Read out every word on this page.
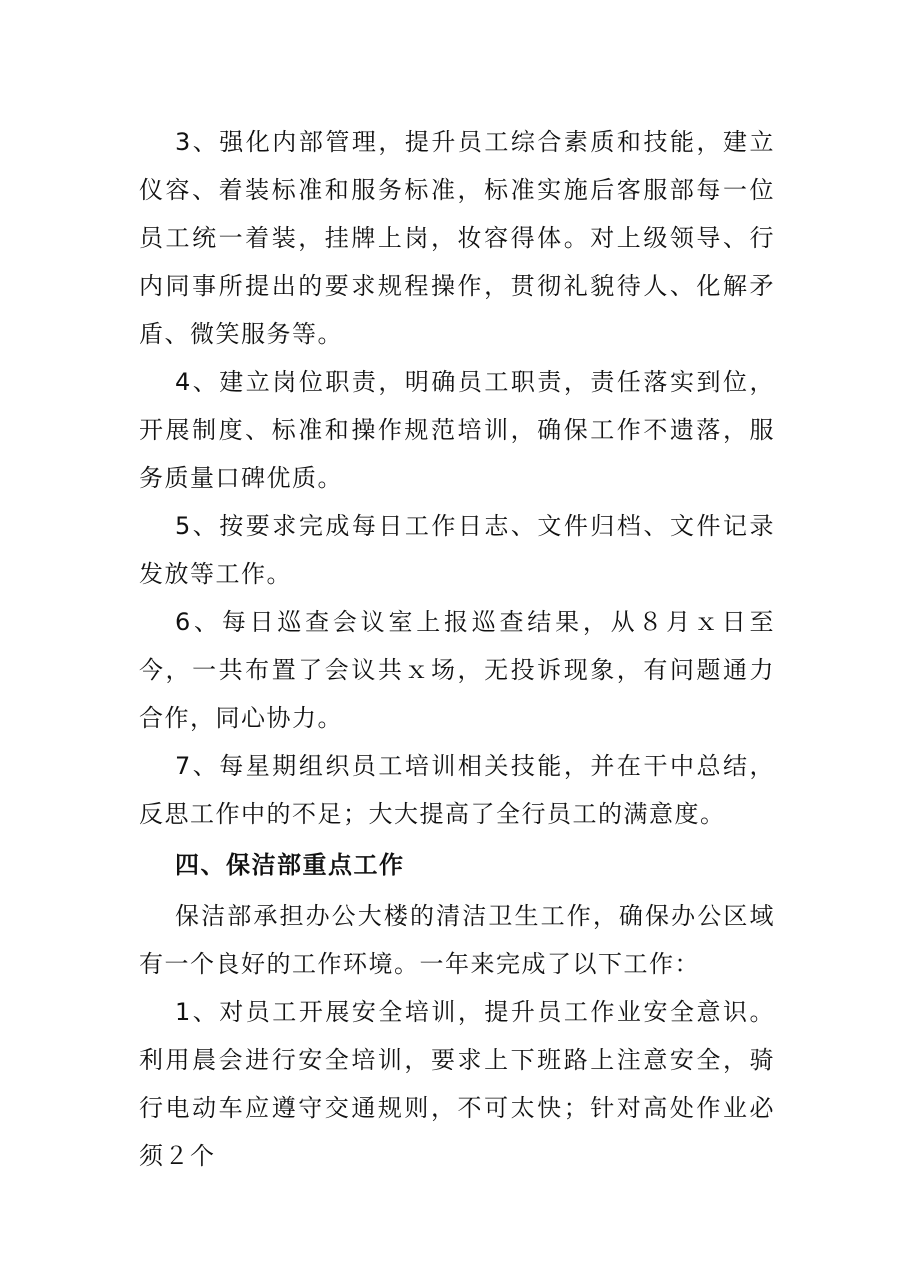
3、强化内部管理，提升员工综合素质和技能，建立仪容、着装标准和服务标准，标准实施后客服部每一位员工统一着装，挂牌上岗，妆容得体。对上级领导、行内同事所提出的要求规程操作，贯彻礼貌待人、化解矛盾、微笑服务等。

4、建立岗位职责，明确员工职责，责任落实到位，开展制度、标准和操作规范培训，确保工作不遗落，服务质量口碑优质。

5、按要求完成每日工作日志、文件归档、文件记录发放等工作。

6、每日巡查会议室上报巡查结果，从８月ｘ日至今，一共布置了会议共ｘ场，无投诉现象，有问题通力合作，同心协力。

7、每星期组织员工培训相关技能，并在干中总结，反思工作中的不足；大大提高了全行员工的满意度。

四、保洁部重点工作

保洁部承担办公大楼的清洁卫生工作，确保办公区域有一个良好的工作环境。一年来完成了以下工作：

1、对员工开展安全培训，提升员工作业安全意识。利用晨会进行安全培训，要求上下班路上注意安全，骑行电动车应遵守交通规则，不可太快；针对高处作业必须２个
